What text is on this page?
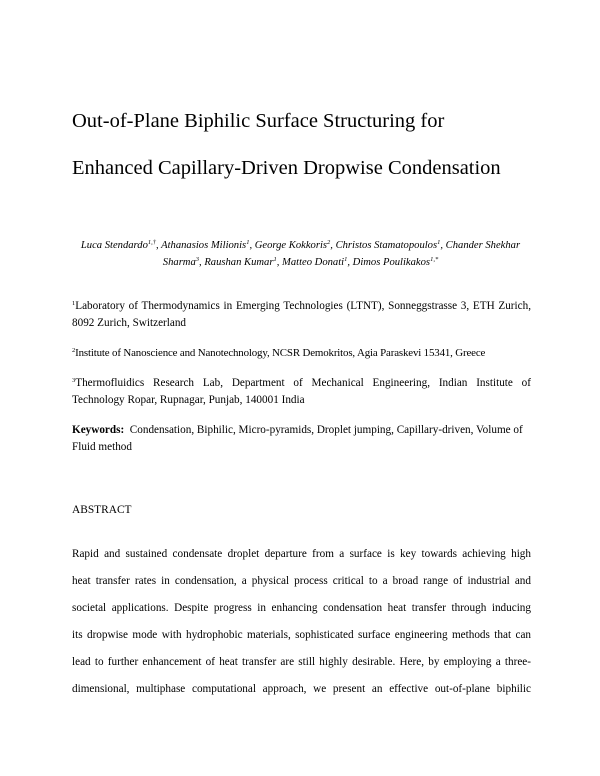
Out-of-Plane Biphilic Surface Structuring for
Enhanced Capillary-Driven Dropwise Condensation
Luca Stendardo$^{1,\dagger}$, Athanasios Milionis$^1$, George Kokkoris$^2$, Christos Stamatopoulos$^1$, Chander Shekhar Sharma$^3$, Raushan Kumar$^1$, Matteo Donati$^1$, Dimos Poulikakos$^{1,*}$
$^1$Laboratory of Thermodynamics in Emerging Technologies (LTNT), Sonneggstrasse 3, ETH Zurich, 8092 Zurich, Switzerland
$^2$Institute of Nanoscience and Nanotechnology, NCSR Demokritos, Agia Paraskevi 15341, Greece
$^3$Thermofluidics Research Lab, Department of Mechanical Engineering, Indian Institute of Technology Ropar, Rupnagar, Punjab, 140001 India
Keywords: Condensation, Biphilic, Micro-pyramids, Droplet jumping, Capillary-driven, Volume of Fluid method
ABSTRACT
Rapid and sustained condensate droplet departure from a surface is key towards achieving high
heat transfer rates in condensation, a physical process critical to a broad range of industrial and
societal applications. Despite progress in enhancing condensation heat transfer through inducing
its dropwise mode with hydrophobic materials, sophisticated surface engineering methods that can
lead to further enhancement of heat transfer are still highly desirable. Here, by employing a three-
dimensional, multiphase computational approach, we present an effective out-of-plane biphilic
